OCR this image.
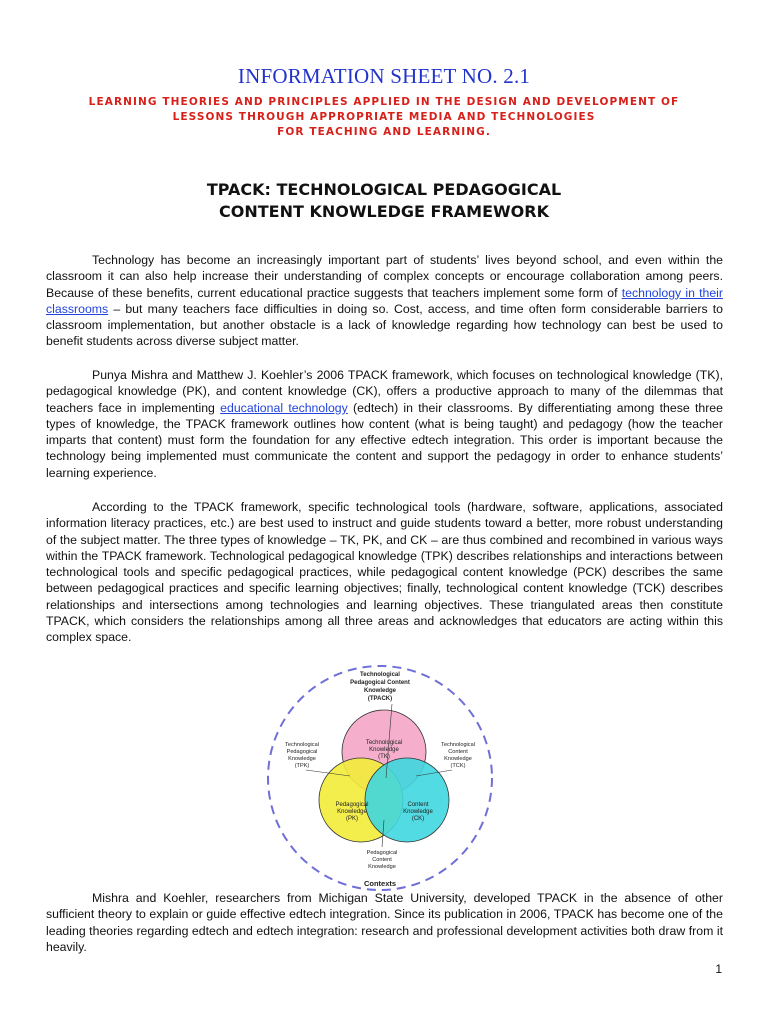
INFORMATION SHEET NO. 2.1
LEARNING THEORIES AND PRINCIPLES APPLIED IN THE DESIGN AND DEVELOPMENT OF
LESSONS THROUGH APPROPRIATE MEDIA AND TECHNOLOGIES
FOR TEACHING AND LEARNING.
TPACK: TECHNOLOGICAL PEDAGOGICAL
CONTENT KNOWLEDGE FRAMEWORK

Technology has become an increasingly important part of students’ lives beyond school, and even within the classroom it can also help increase their understanding of complex concepts or encourage collaboration among peers. Because of these benefits, current educational practice suggests that teachers implement some form of technology in their classrooms – but many teachers face difficulties in doing so. Cost, access, and time often form considerable barriers to classroom implementation, but another obstacle is a lack of knowledge regarding how technology can best be used to benefit students across diverse subject matter.

Punya Mishra and Matthew J. Koehler’s 2006 TPACK framework, which focuses on technological knowledge (TK), pedagogical knowledge (PK), and content knowledge (CK), offers a productive approach to many of the dilemmas that teachers face in implementing educational technology (edtech) in their classrooms. By differentiating among these three types of knowledge, the TPACK framework outlines how content (what is being taught) and pedagogy (how the teacher imparts that content) must form the foundation for any effective edtech integration. This order is important because the technology being implemented must communicate the content and support the pedagogy in order to enhance students’ learning experience.

According to the TPACK framework, specific technological tools (hardware, software, applications, associated information literacy practices, etc.) are best used to instruct and guide students toward a better, more robust understanding of the subject matter. The three types of knowledge – TK, PK, and CK – are thus combined and recombined in various ways within the TPACK framework. Technological pedagogical knowledge (TPK) describes relationships and interactions between technological tools and specific pedagogical practices, while pedagogical content knowledge (PCK) describes the same between pedagogical practices and specific learning objectives; finally, technological content knowledge (TCK) describes relationships and intersections among technologies and learning objectives. These triangulated areas then constitute TPACK, which considers the relationships among all three areas and acknowledges that educators are acting within this complex space.

Technological
Pedagogical Content
Knowledge
(TPACK)
Technological
Knowledge
(TK)
Pedagogical
Knowledge
(PK)
Content
Knowledge
(CK)
Technological
Pedagogical
Knowledge
(TPK)
Technological
Content
Knowledge
(TCK)
Pedagogical
Content
Knowledge
Contexts

Mishra and Koehler, researchers from Michigan State University, developed TPACK in the absence of other sufficient theory to explain or guide effective edtech integration. Since its publication in 2006, TPACK has become one of the leading theories regarding edtech and edtech integration: research and professional development activities both draw from it heavily.

1
